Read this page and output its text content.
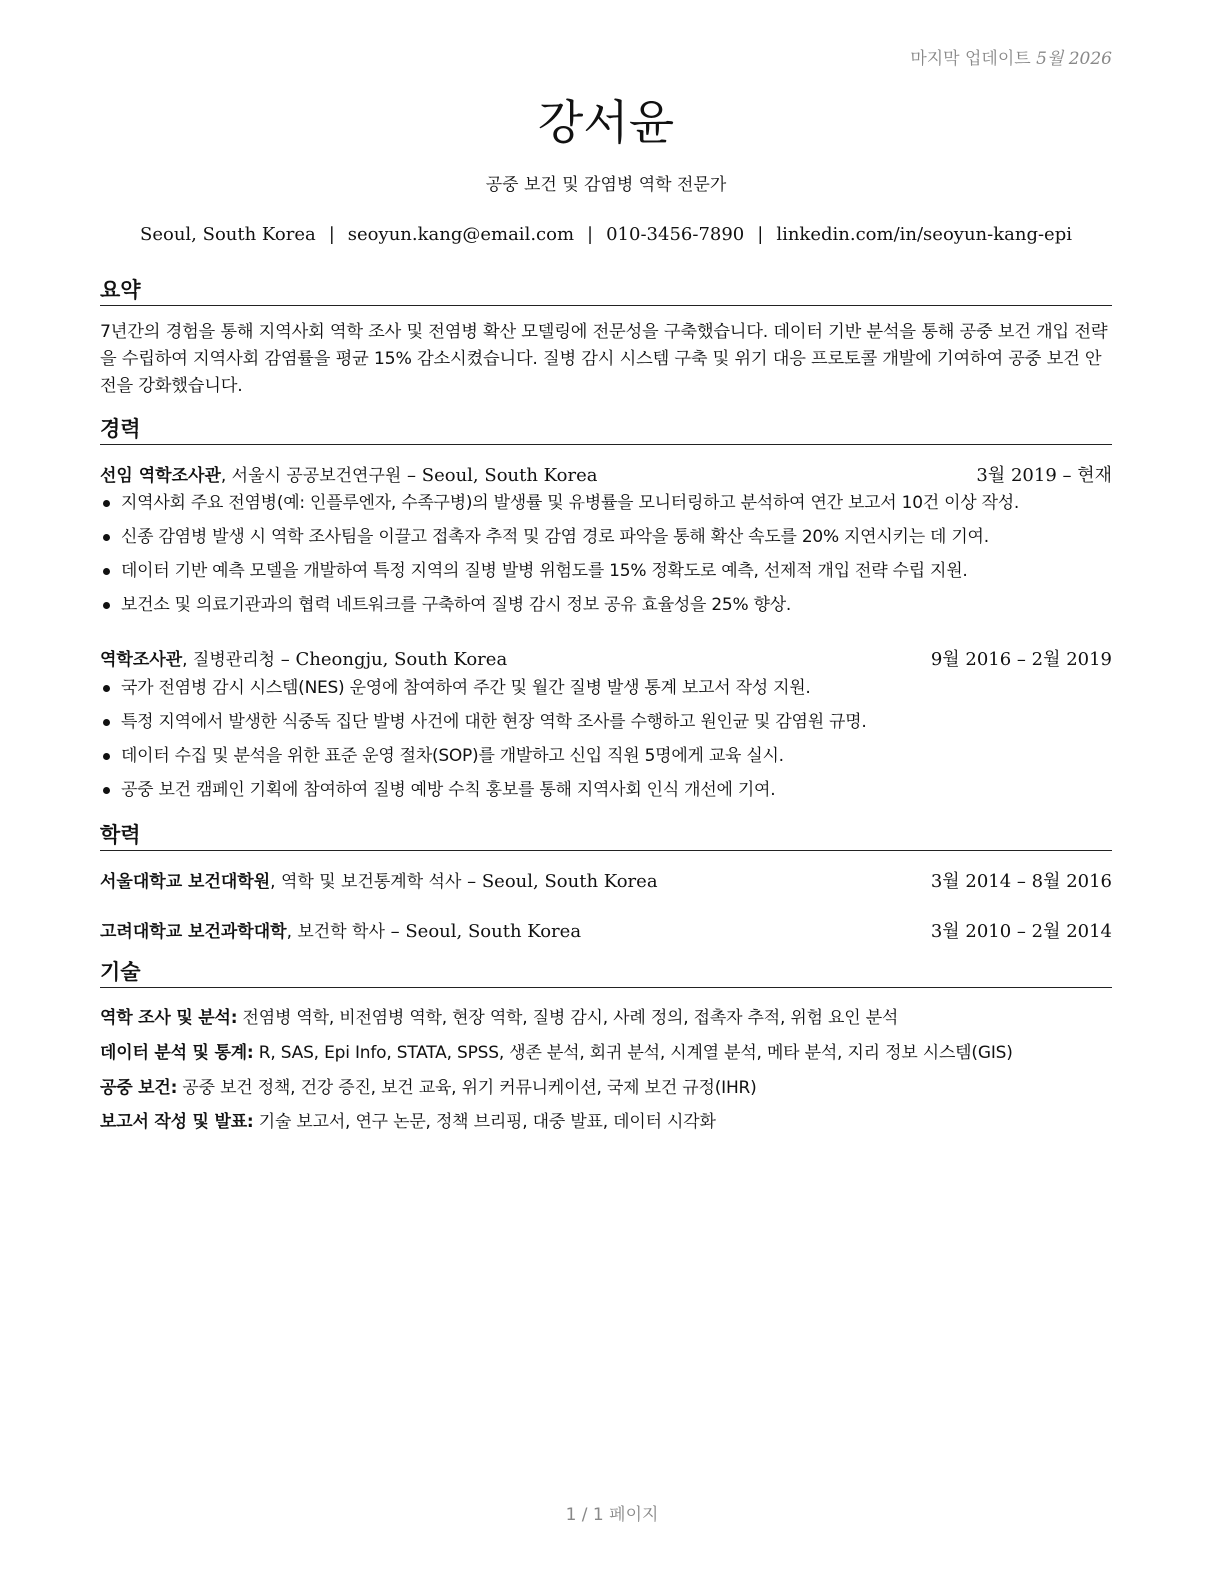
마지막 업데이트 5월 2026
강서윤
공중 보건 및 감염병 역학 전문가
Seoul, South Korea | seoyun.kang@email.com | 010-3456-7890 | linkedin.com/in/seoyun-kang-epi
요약
7년간의 경험을 통해 지역사회 역학 조사 및 전염병 확산 모델링에 전문성을 구축했습니다. 데이터 기반 분석을 통해 공중 보건 개입 전략을 수립하여 지역사회 감염률을 평균 15% 감소시켰습니다. 질병 감시 시스템 구축 및 위기 대응 프로토콜 개발에 기여하여 공중 보건 안전을 강화했습니다.
경력
선임 역학조사관, 서울시 공공보건연구원 – Seoul, South Korea	3월 2019 – 현재
지역사회 주요 전염병(예: 인플루엔자, 수족구병)의 발생률 및 유병률을 모니터링하고 분석하여 연간 보고서 10건 이상 작성.
신종 감염병 발생 시 역학 조사팀을 이끌고 접촉자 추적 및 감염 경로 파악을 통해 확산 속도를 20% 지연시키는 데 기여.
데이터 기반 예측 모델을 개발하여 특정 지역의 질병 발병 위험도를 15% 정확도로 예측, 선제적 개입 전략 수립 지원.
보건소 및 의료기관과의 협력 네트워크를 구축하여 질병 감시 정보 공유 효율성을 25% 향상.
역학조사관, 질병관리청 – Cheongju, South Korea	9월 2016 – 2월 2019
국가 전염병 감시 시스템(NES) 운영에 참여하여 주간 및 월간 질병 발생 통계 보고서 작성 지원.
특정 지역에서 발생한 식중독 집단 발병 사건에 대한 현장 역학 조사를 수행하고 원인균 및 감염원 규명.
데이터 수집 및 분석을 위한 표준 운영 절차(SOP)를 개발하고 신입 직원 5명에게 교육 실시.
공중 보건 캠페인 기획에 참여하여 질병 예방 수칙 홍보를 통해 지역사회 인식 개선에 기여.
학력
서울대학교 보건대학원, 역학 및 보건통계학 석사 – Seoul, South Korea	3월 2014 – 8월 2016
고려대학교 보건과학대학, 보건학 학사 – Seoul, South Korea	3월 2010 – 2월 2014
기술
역학 조사 및 분석: 전염병 역학, 비전염병 역학, 현장 역학, 질병 감시, 사례 정의, 접촉자 추적, 위험 요인 분석
데이터 분석 및 통계: R, SAS, Epi Info, STATA, SPSS, 생존 분석, 회귀 분석, 시계열 분석, 메타 분석, 지리 정보 시스템(GIS)
공중 보건: 공중 보건 정책, 건강 증진, 보건 교육, 위기 커뮤니케이션, 국제 보건 규정(IHR)
보고서 작성 및 발표: 기술 보고서, 연구 논문, 정책 브리핑, 대중 발표, 데이터 시각화
1 / 1 페이지
